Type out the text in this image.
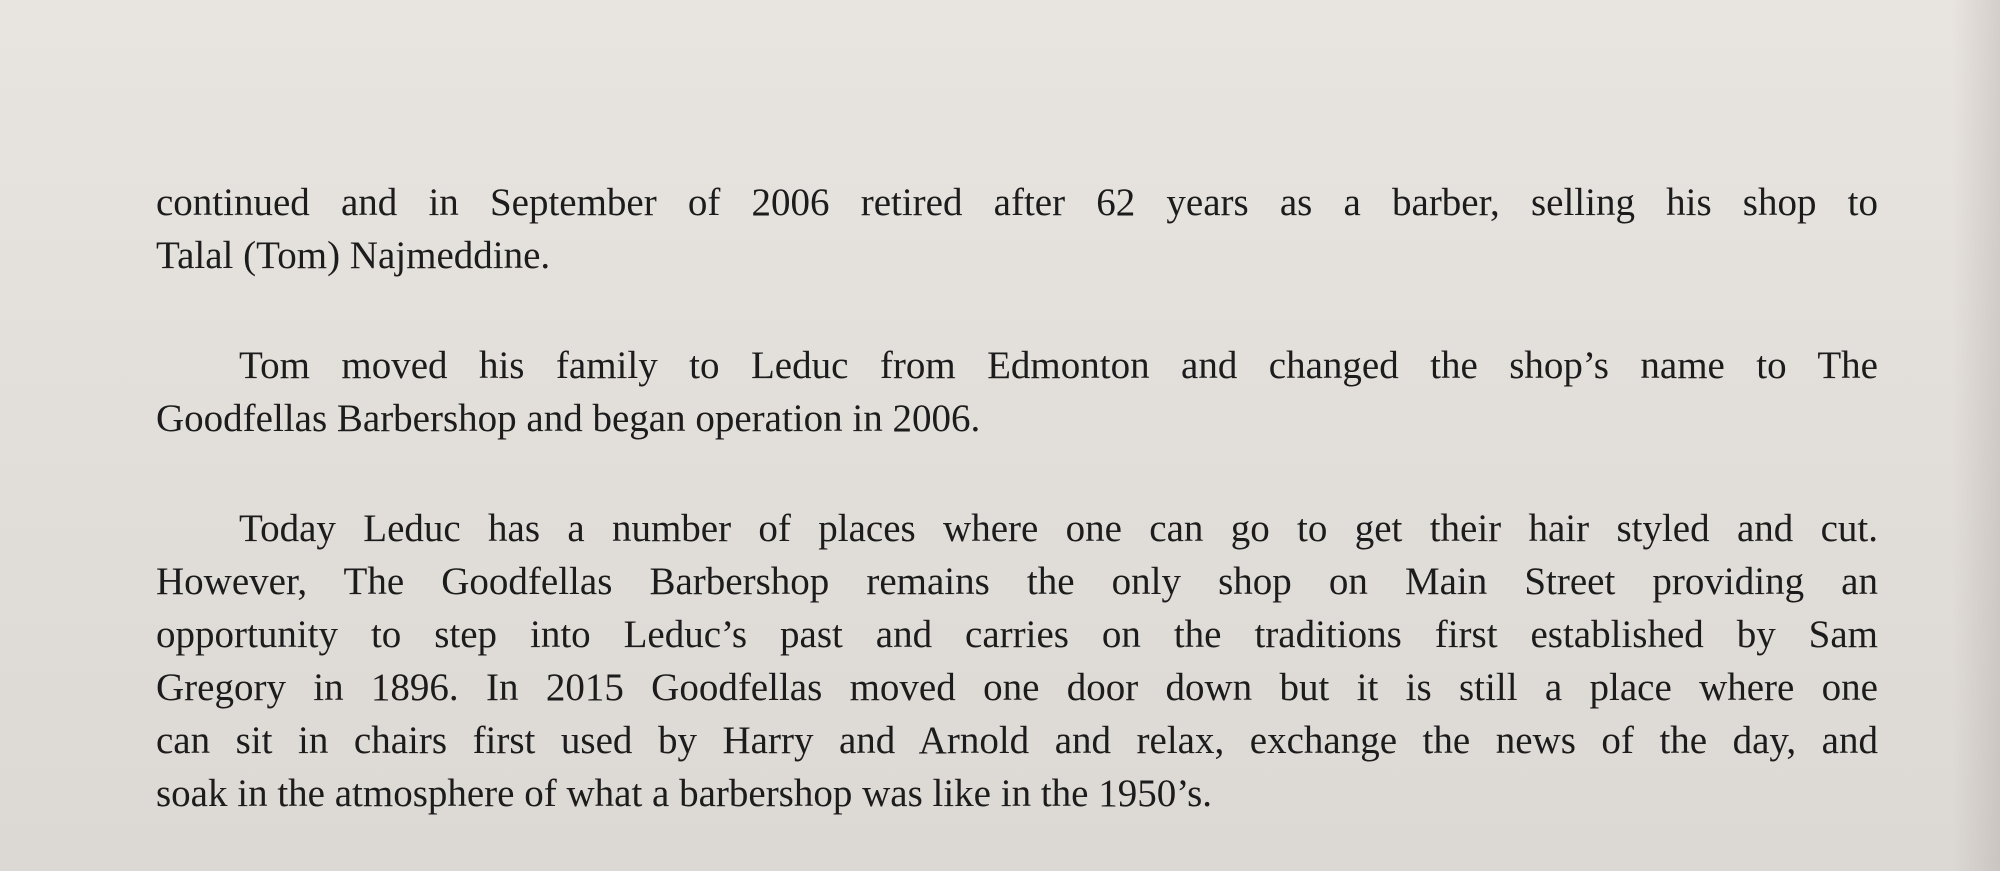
continued and in September of 2006 retired after 62 years as a barber, selling his shop to
Talal (Tom) Najmeddine.

Tom moved his family to Leduc from Edmonton and changed the shop’s name to The
Goodfellas Barbershop and began operation in 2006.

Today Leduc has a number of places where one can go to get their hair styled and cut.
However, The Goodfellas Barbershop remains the only shop on Main Street providing an
opportunity to step into Leduc’s past and carries on the traditions first established by Sam
Gregory in 1896. In 2015 Goodfellas moved one door down but it is still a place where one
can sit in chairs first used by Harry and Arnold and relax, exchange the news of the day, and
soak in the atmosphere of what a barbershop was like in the 1950’s.
